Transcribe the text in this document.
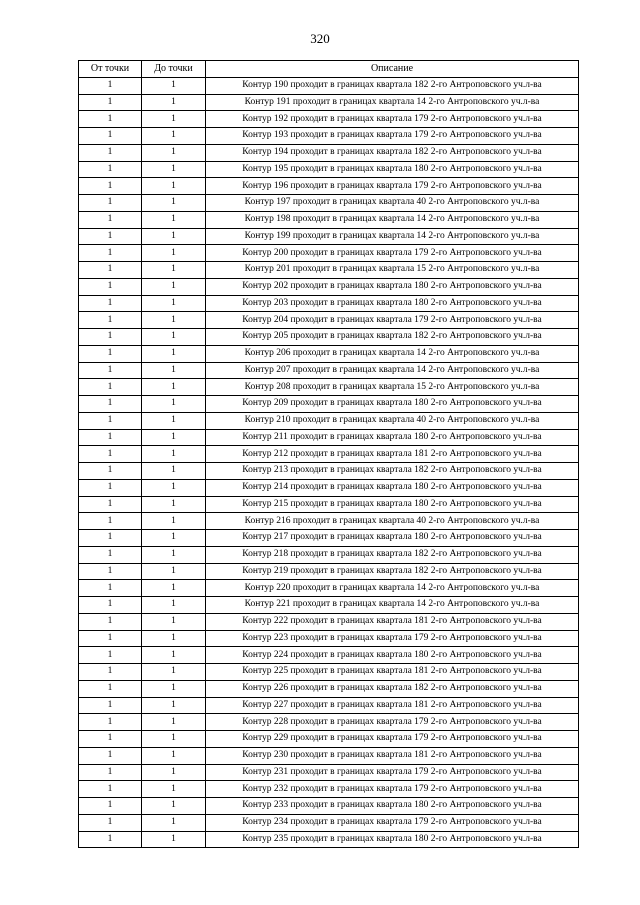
320
От точки	До точки	Описание
1	1	Контур 190 проходит в границах квартала 182 2-го Антроповского уч.л-ва
1	1	Контур 191 проходит в границах квартала 14 2-го Антроповского уч.л-ва
1	1	Контур 192 проходит в границах квартала 179 2-го Антроповского уч.л-ва
1	1	Контур 193 проходит в границах квартала 179 2-го Антроповского уч.л-ва
1	1	Контур 194 проходит в границах квартала 182 2-го Антроповского уч.л-ва
1	1	Контур 195 проходит в границах квартала 180 2-го Антроповского уч.л-ва
1	1	Контур 196 проходит в границах квартала 179 2-го Антроповского уч.л-ва
1	1	Контур 197 проходит в границах квартала 40 2-го Антроповского уч.л-ва
1	1	Контур 198 проходит в границах квартала 14 2-го Антроповского уч.л-ва
1	1	Контур 199 проходит в границах квартала 14 2-го Антроповского уч.л-ва
1	1	Контур 200 проходит в границах квартала 179 2-го Антроповского уч.л-ва
1	1	Контур 201 проходит в границах квартала 15 2-го Антроповского уч.л-ва
1	1	Контур 202 проходит в границах квартала 180 2-го Антроповского уч.л-ва
1	1	Контур 203 проходит в границах квартала 180 2-го Антроповского уч.л-ва
1	1	Контур 204 проходит в границах квартала 179 2-го Антроповского уч.л-ва
1	1	Контур 205 проходит в границах квартала 182 2-го Антроповского уч.л-ва
1	1	Контур 206 проходит в границах квартала 14 2-го Антроповского уч.л-ва
1	1	Контур 207 проходит в границах квартала 14 2-го Антроповского уч.л-ва
1	1	Контур 208 проходит в границах квартала 15 2-го Антроповского уч.л-ва
1	1	Контур 209 проходит в границах квартала 180 2-го Антроповского уч.л-ва
1	1	Контур 210 проходит в границах квартала 40 2-го Антроповского уч.л-ва
1	1	Контур 211 проходит в границах квартала 180 2-го Антроповского уч.л-ва
1	1	Контур 212 проходит в границах квартала 181 2-го Антроповского уч.л-ва
1	1	Контур 213 проходит в границах квартала 182 2-го Антроповского уч.л-ва
1	1	Контур 214 проходит в границах квартала 180 2-го Антроповского уч.л-ва
1	1	Контур 215 проходит в границах квартала 180 2-го Антроповского уч.л-ва
1	1	Контур 216 проходит в границах квартала 40 2-го Антроповского уч.л-ва
1	1	Контур 217 проходит в границах квартала 180 2-го Антроповского уч.л-ва
1	1	Контур 218 проходит в границах квартала 182 2-го Антроповского уч.л-ва
1	1	Контур 219 проходит в границах квартала 182 2-го Антроповского уч.л-ва
1	1	Контур 220 проходит в границах квартала 14 2-го Антроповского уч.л-ва
1	1	Контур 221 проходит в границах квартала 14 2-го Антроповского уч.л-ва
1	1	Контур 222 проходит в границах квартала 181 2-го Антроповского уч.л-ва
1	1	Контур 223 проходит в границах квартала 179 2-го Антроповского уч.л-ва
1	1	Контур 224 проходит в границах квартала 180 2-го Антроповского уч.л-ва
1	1	Контур 225 проходит в границах квартала 181 2-го Антроповского уч.л-ва
1	1	Контур 226 проходит в границах квартала 182 2-го Антроповского уч.л-ва
1	1	Контур 227 проходит в границах квартала 181 2-го Антроповского уч.л-ва
1	1	Контур 228 проходит в границах квартала 179 2-го Антроповского уч.л-ва
1	1	Контур 229 проходит в границах квартала 179 2-го Антроповского уч.л-ва
1	1	Контур 230 проходит в границах квартала 181 2-го Антроповского уч.л-ва
1	1	Контур 231 проходит в границах квартала 179 2-го Антроповского уч.л-ва
1	1	Контур 232 проходит в границах квартала 179 2-го Антроповского уч.л-ва
1	1	Контур 233 проходит в границах квартала 180 2-го Антроповского уч.л-ва
1	1	Контур 234 проходит в границах квартала 179 2-го Антроповского уч.л-ва
1	1	Контур 235 проходит в границах квартала 180 2-го Антроповского уч.л-ва
